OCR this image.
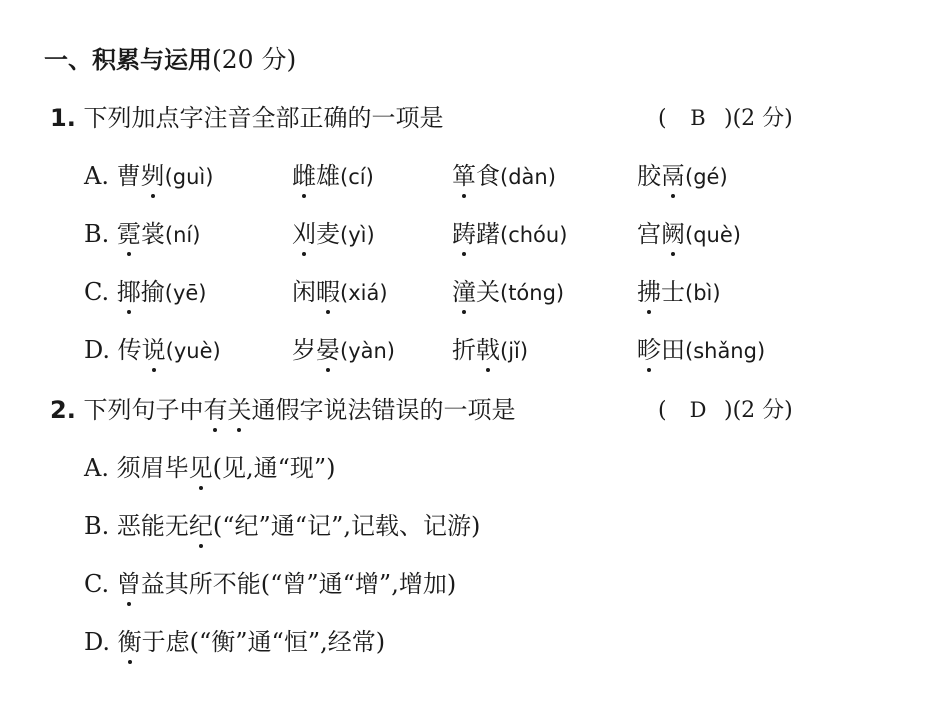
一、积累与运用(20 分)
1. 下列加点字注音全部正确的一项是	( B )(2 分)
A. 曹刿(guì)	雌雄(cí)	箪食(dàn)	胶鬲(gé)
B. 霓裳(ní)	刈麦(yì)	踌躇(chóu)	宫阙(què)
C. 揶揄(yē)	闲暇(xiá)	潼关(tóng)	拂士(bì)
D. 传说(yuè)	岁晏(yàn) 折戟(jǐ)	畛田(shǎng)
2. 下列句子中有关通假字说法错误的一项是	( D )(2 分)
A. 须眉毕见(见,通“现”)
B. 恶能无纪(“纪”通“记”,记载、记游)
C. 曾益其所不能(“曾”通“增”,增加)
D. 衡于虑(“衡”通“恒”,经常)
